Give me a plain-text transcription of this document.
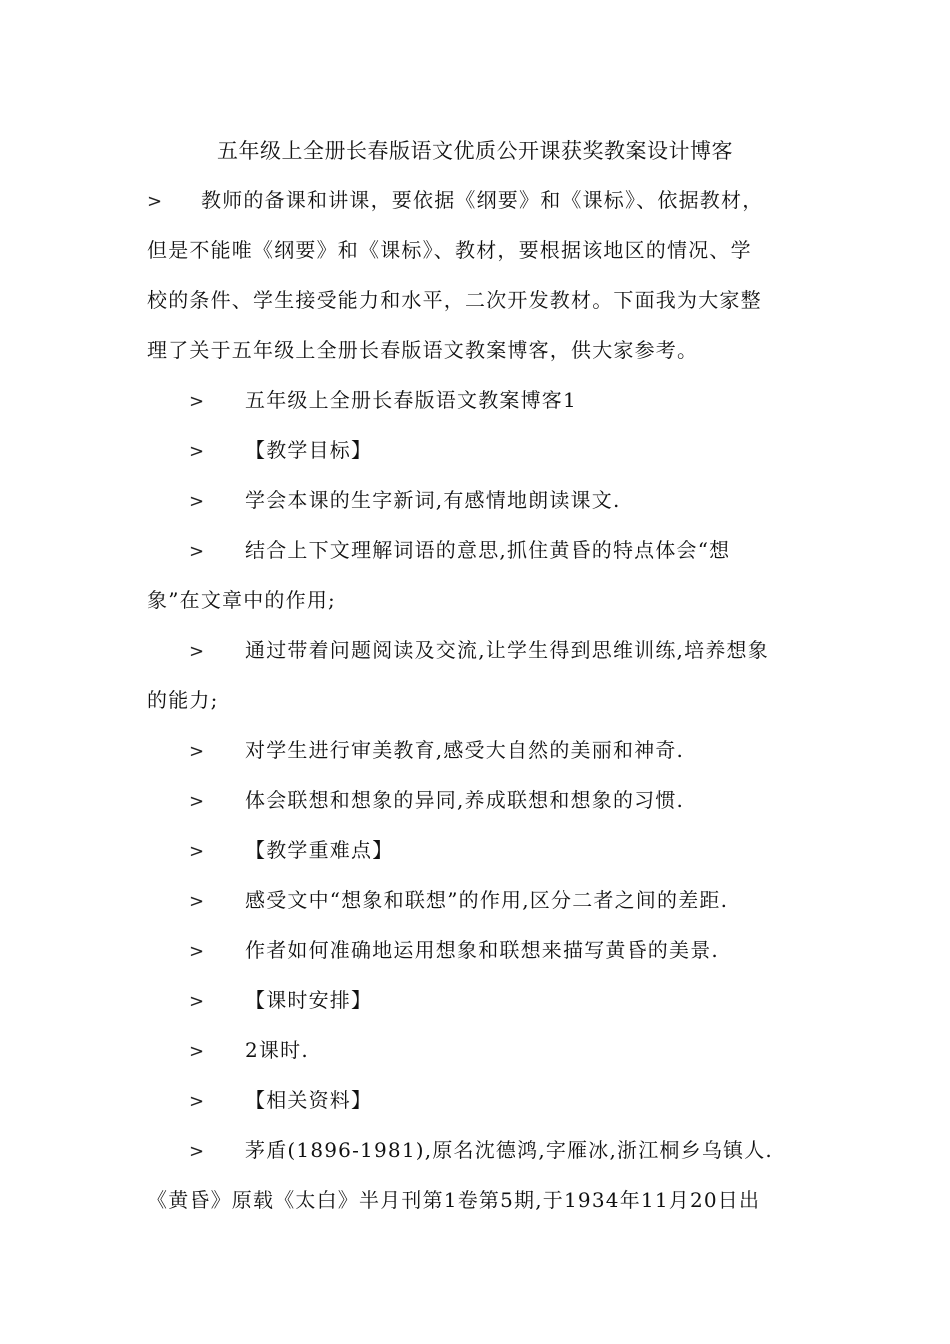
五年级上全册长春版语文优质公开课获奖教案设计博客
> 教师的备课和讲课，要依据《纲要》和《课标》、依据教材，
但是不能唯《纲要》和《课标》、教材，要根据该地区的情况、学
校的条件、学生接受能力和水平，二次开发教材。下面我为大家整
理了关于五年级上全册长春版语文教案博客，供大家参考。
> 五年级上全册长春版语文教案博客1
> 【教学目标】
> 学会本课的生字新词,有感情地朗读课文.
> 结合上下文理解词语的意思,抓住黄昏的特点体会“想
象”在文章中的作用;
> 通过带着问题阅读及交流,让学生得到思维训练,培养想象
的能力;
> 对学生进行审美教育,感受大自然的美丽和神奇.
> 体会联想和想象的异同,养成联想和想象的习惯.
> 【教学重难点】
> 感受文中“想象和联想”的作用,区分二者之间的差距.
> 作者如何准确地运用想象和联想来描写黄昏的美景.
> 【课时安排】
> 2课时.
> 【相关资料】
> 茅盾(1896-1981),原名沈德鸿,字雁冰,浙江桐乡乌镇人.
《黄昏》原载《太白》半月刊第1卷第5期,于1934年11月20日出
